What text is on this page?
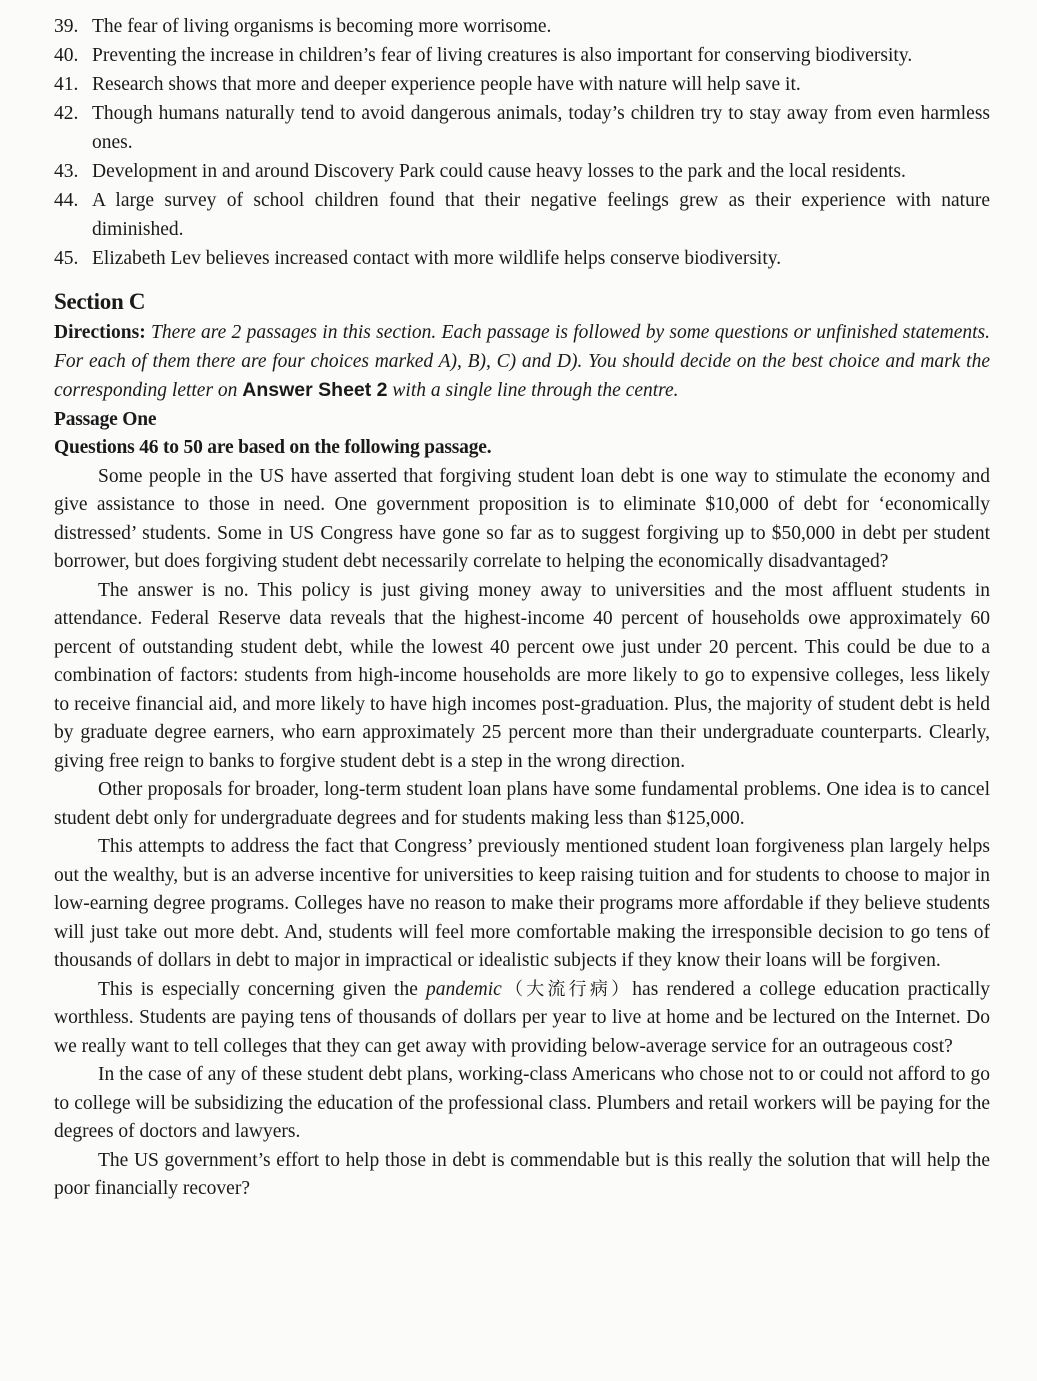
39. The fear of living organisms is becoming more worrisome.
40. Preventing the increase in children’s fear of living creatures is also important for conserving biodiversity.
41. Research shows that more and deeper experience people have with nature will help save it.
42. Though humans naturally tend to avoid dangerous animals, today’s children try to stay away from even harmless ones.
43. Development in and around Discovery Park could cause heavy losses to the park and the local residents.
44. A large survey of school children found that their negative feelings grew as their experience with nature diminished.
45. Elizabeth Lev believes increased contact with more wildlife helps conserve biodiversity.
Section C
Directions: There are 2 passages in this section. Each passage is followed by some questions or unfinished statements. For each of them there are four choices marked A), B), C) and D). You should decide on the best choice and mark the corresponding letter on Answer Sheet 2 with a single line through the centre.
Passage One
Questions 46 to 50 are based on the following passage.

Some people in the US have asserted that forgiving student loan debt is one way to stimulate the economy and give assistance to those in need. One government proposition is to eliminate $10,000 of debt for ‘economically distressed’ students. Some in US Congress have gone so far as to suggest forgiving up to $50,000 in debt per student borrower, but does forgiving student debt necessarily correlate to helping the economically disadvantaged?

The answer is no. This policy is just giving money away to universities and the most affluent students in attendance. Federal Reserve data reveals that the highest-income 40 percent of households owe approximately 60 percent of outstanding student debt, while the lowest 40 percent owe just under 20 percent. This could be due to a combination of factors: students from high-income households are more likely to go to expensive colleges, less likely to receive financial aid, and more likely to have high incomes post-graduation. Plus, the majority of student debt is held by graduate degree earners, who earn approximately 25 percent more than their undergraduate counterparts. Clearly, giving free reign to banks to forgive student debt is a step in the wrong direction.

Other proposals for broader, long-term student loan plans have some fundamental problems. One idea is to cancel student debt only for undergraduate degrees and for students making less than $125,000.

This attempts to address the fact that Congress’ previously mentioned student loan forgiveness plan largely helps out the wealthy, but is an adverse incentive for universities to keep raising tuition and for students to choose to major in low-earning degree programs. Colleges have no reason to make their programs more affordable if they believe students will just take out more debt. And, students will feel more comfortable making the irresponsible decision to go tens of thousands of dollars in debt to major in impractical or idealistic subjects if they know their loans will be forgiven.

This is especially concerning given the pandemic（大流行病）has rendered a college education practically worthless. Students are paying tens of thousands of dollars per year to live at home and be lectured on the Internet. Do we really want to tell colleges that they can get away with providing below-average service for an outrageous cost?

In the case of any of these student debt plans, working-class Americans who chose not to or could not afford to go to college will be subsidizing the education of the professional class. Plumbers and retail workers will be paying for the degrees of doctors and lawyers.

The US government’s effort to help those in debt is commendable but is this really the solution that will help the poor financially recover?
